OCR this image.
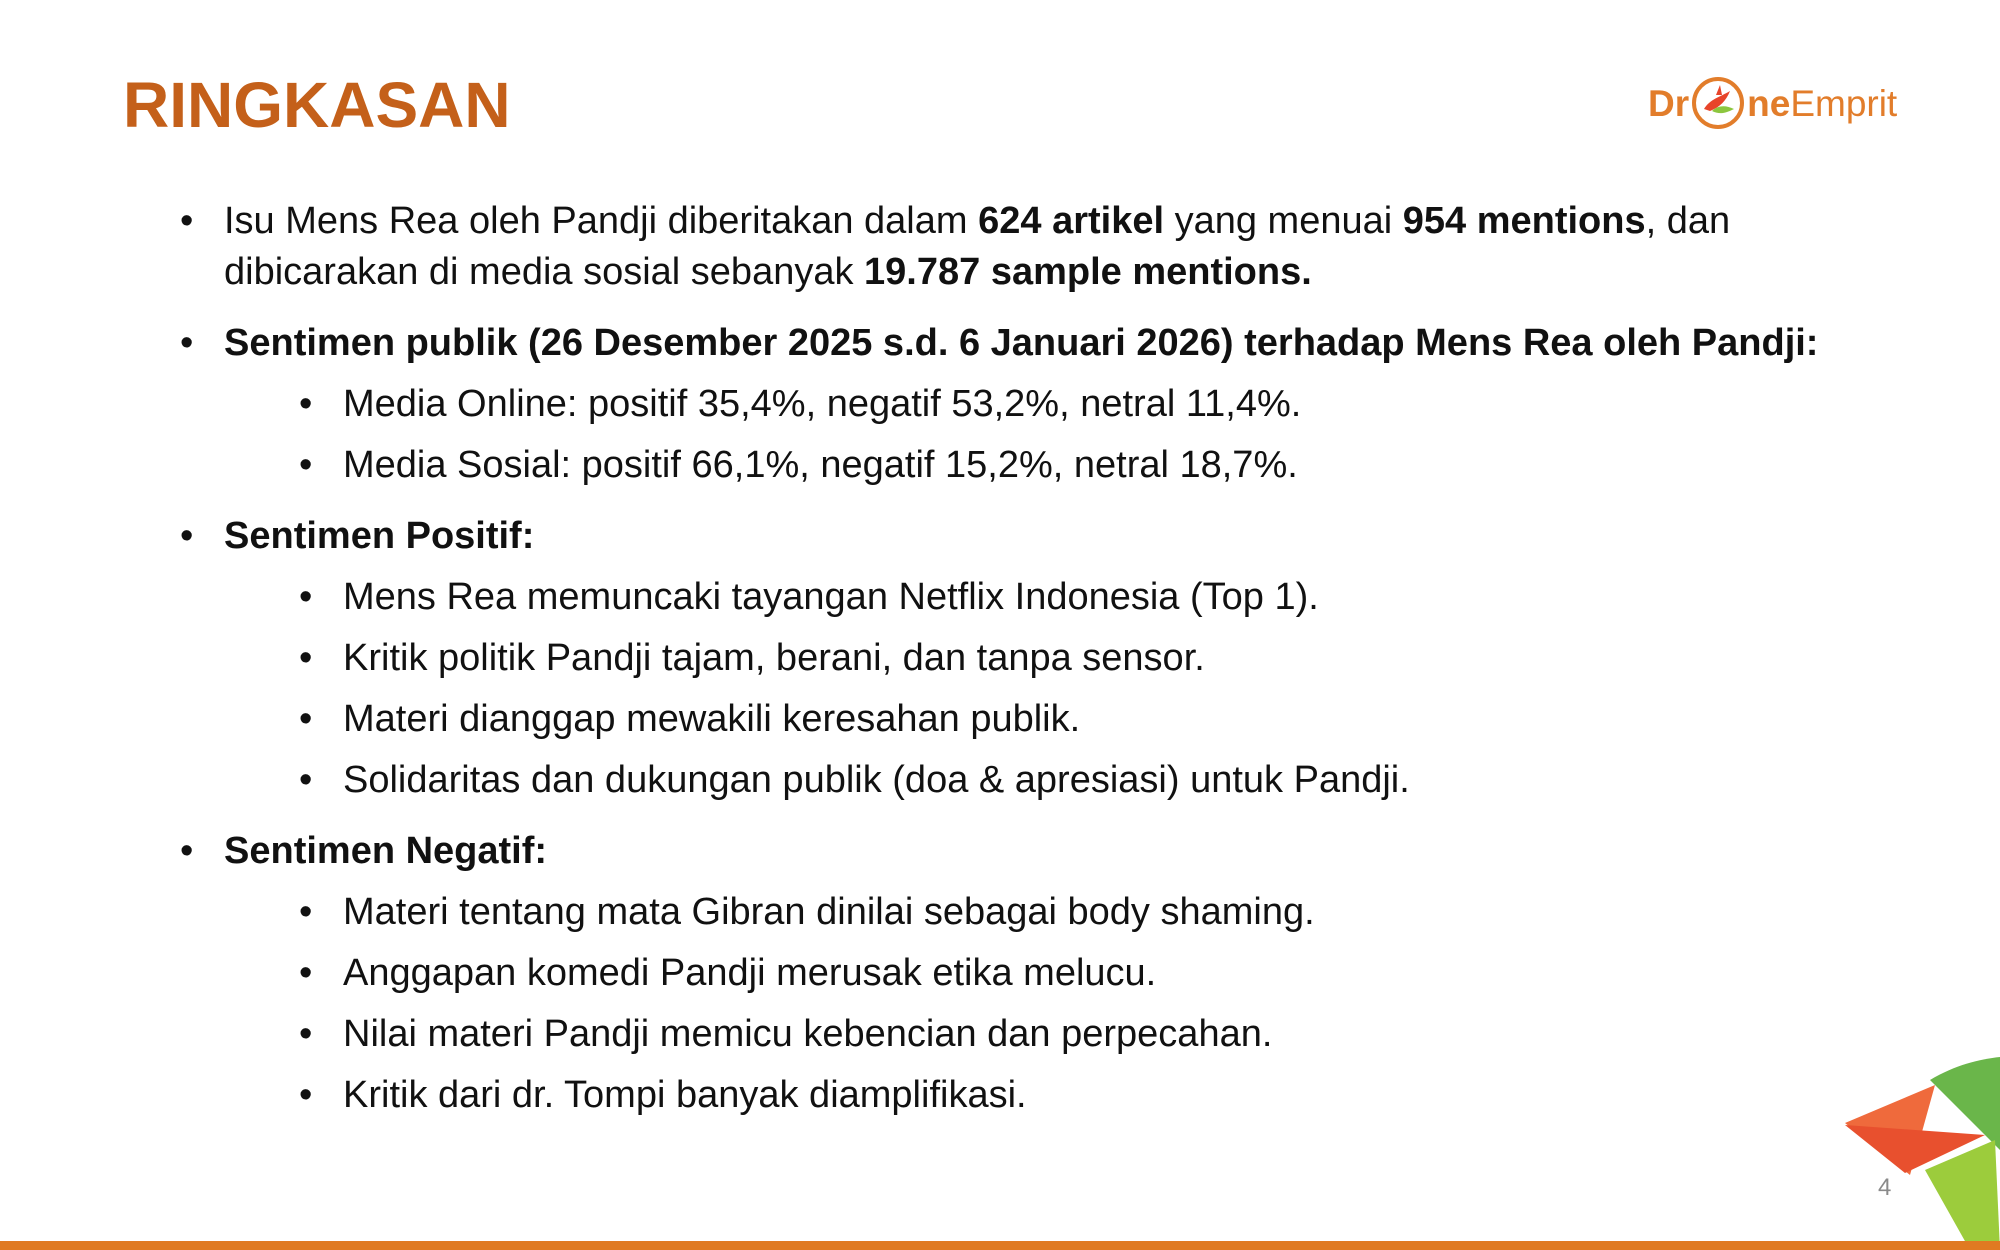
RINGKASAN	Dr neEmprit
• Isu Mens Rea oleh Pandji diberitakan dalam 624 artikel yang menuai 954 mentions, dan dibicarakan di media sosial sebanyak 19.787 sample mentions.
• Sentimen publik (26 Desember 2025 s.d. 6 Januari 2026) terhadap Mens Rea oleh Pandji:
• Media Online: positif 35,4%, negatif 53,2%, netral 11,4%.
• Media Sosial: positif 66,1%, negatif 15,2%, netral 18,7%.
• Sentimen Positif:
• Mens Rea memuncaki tayangan Netflix Indonesia (Top 1).
• Kritik politik Pandji tajam, berani, dan tanpa sensor.
• Materi dianggap mewakili keresahan publik.
• Solidaritas dan dukungan publik (doa & apresiasi) untuk Pandji.
• Sentimen Negatif:
• Materi tentang mata Gibran dinilai sebagai body shaming.
• Anggapan komedi Pandji merusak etika melucu.
• Nilai materi Pandji memicu kebencian dan perpecahan.
• Kritik dari dr. Tompi banyak diamplifikasi.
4
